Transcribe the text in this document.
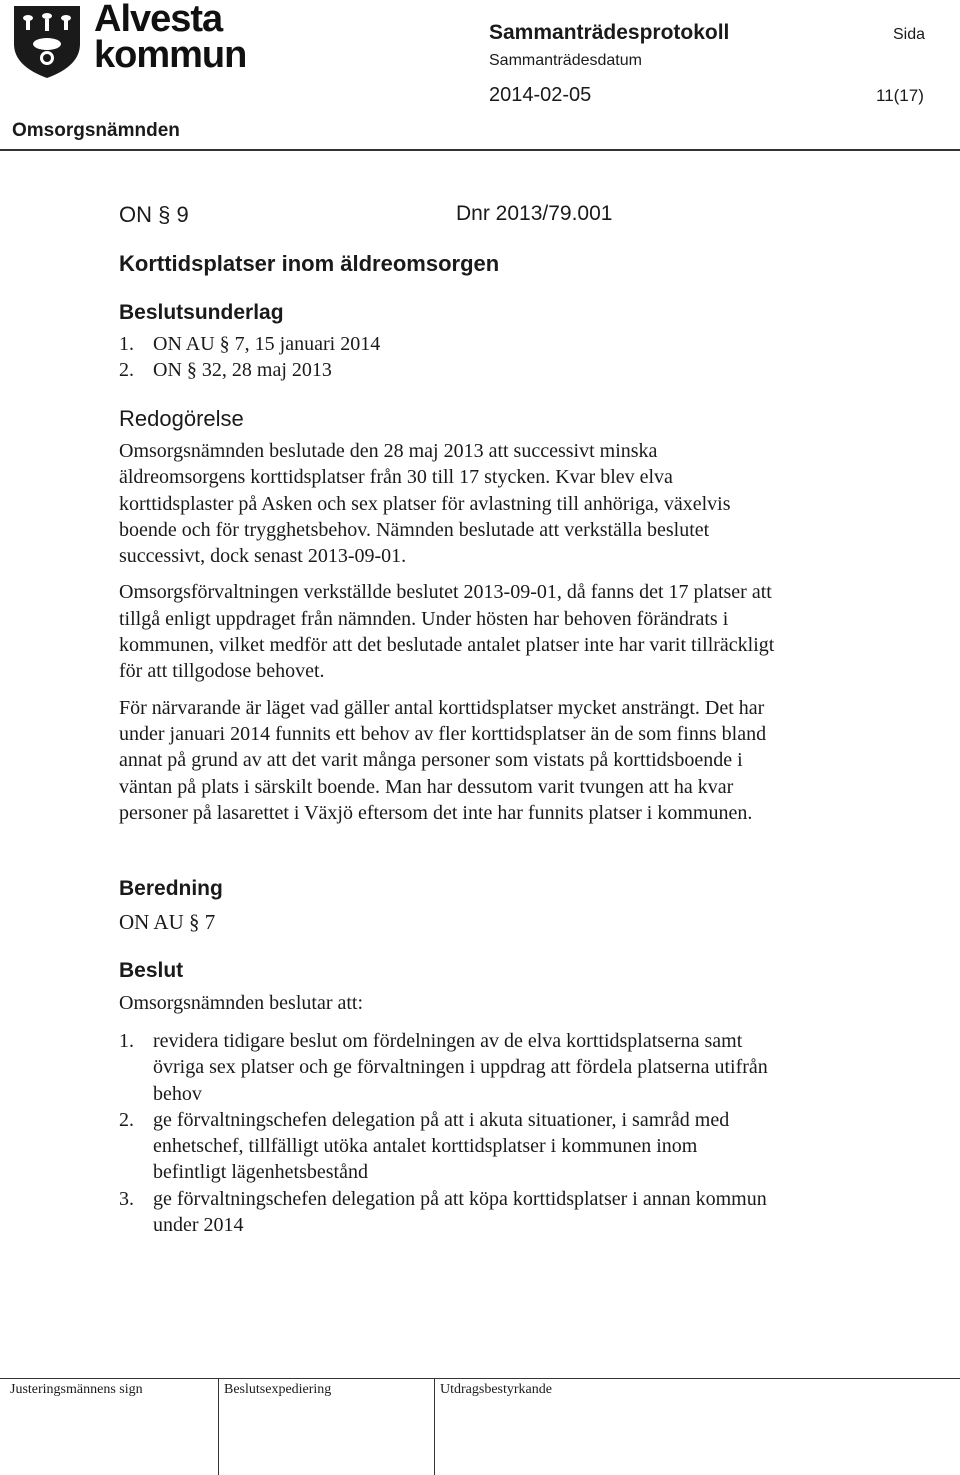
Alvesta
kommun
Sammanträdesprotokoll	Sida
Sammanträdesdatum
2014-02-05	11(17)
Omsorgsnämnden
ON § 9	Dnr 2013/79.001
Korttidsplatser inom äldreomsorgen
Beslutsunderlag
1. ON AU § 7, 15 januari 2014
2. ON § 32, 28 maj 2013
Redogörelse

Omsorgsnämnden beslutade den 28 maj 2013 att successivt minska äldreomsorgens korttidsplatser från 30 till 17 stycken. Kvar blev elva korttidsplaster på Asken och sex platser för avlastning till anhöriga, växelvis boende och för trygghetsbehov. Nämnden beslutade att verkställa beslutet successivt, dock senast 2013-09-01.

Omsorgsförvaltningen verkställde beslutet 2013-09-01, då fanns det 17 platser att tillgå enligt uppdraget från nämnden. Under hösten har behoven förändrats i kommunen, vilket medför att det beslutade antalet platser inte har varit tillräckligt för att tillgodose behovet.

För närvarande är läget vad gäller antal korttidsplatser mycket ansträngt. Det har under januari 2014 funnits ett behov av fler korttidsplatser än de som finns bland annat på grund av att det varit många personer som vistats på korttidsboende i väntan på plats i särskilt boende. Man har dessutom varit tvungen att ha kvar personer på lasarettet i Växjö eftersom det inte har funnits platser i kommunen.

Beredning
ON AU § 7
Beslut
Omsorgsnämnden beslutar att:
1. revidera tidigare beslut om fördelningen av de elva korttidsplatserna samt övriga sex platser och ge förvaltningen i uppdrag att fördela platserna utifrån behov
2. ge förvaltningschefen delegation på att i akuta situationer, i samråd med enhetschef, tillfälligt utöka antalet korttidsplatser i kommunen inom befintligt lägenhetsbestånd
3. ge förvaltningschefen delegation på att köpa korttidsplatser i annan kommun under 2014
Justeringsmännens sign	Beslutsexpediering	Utdragsbestyrkande
